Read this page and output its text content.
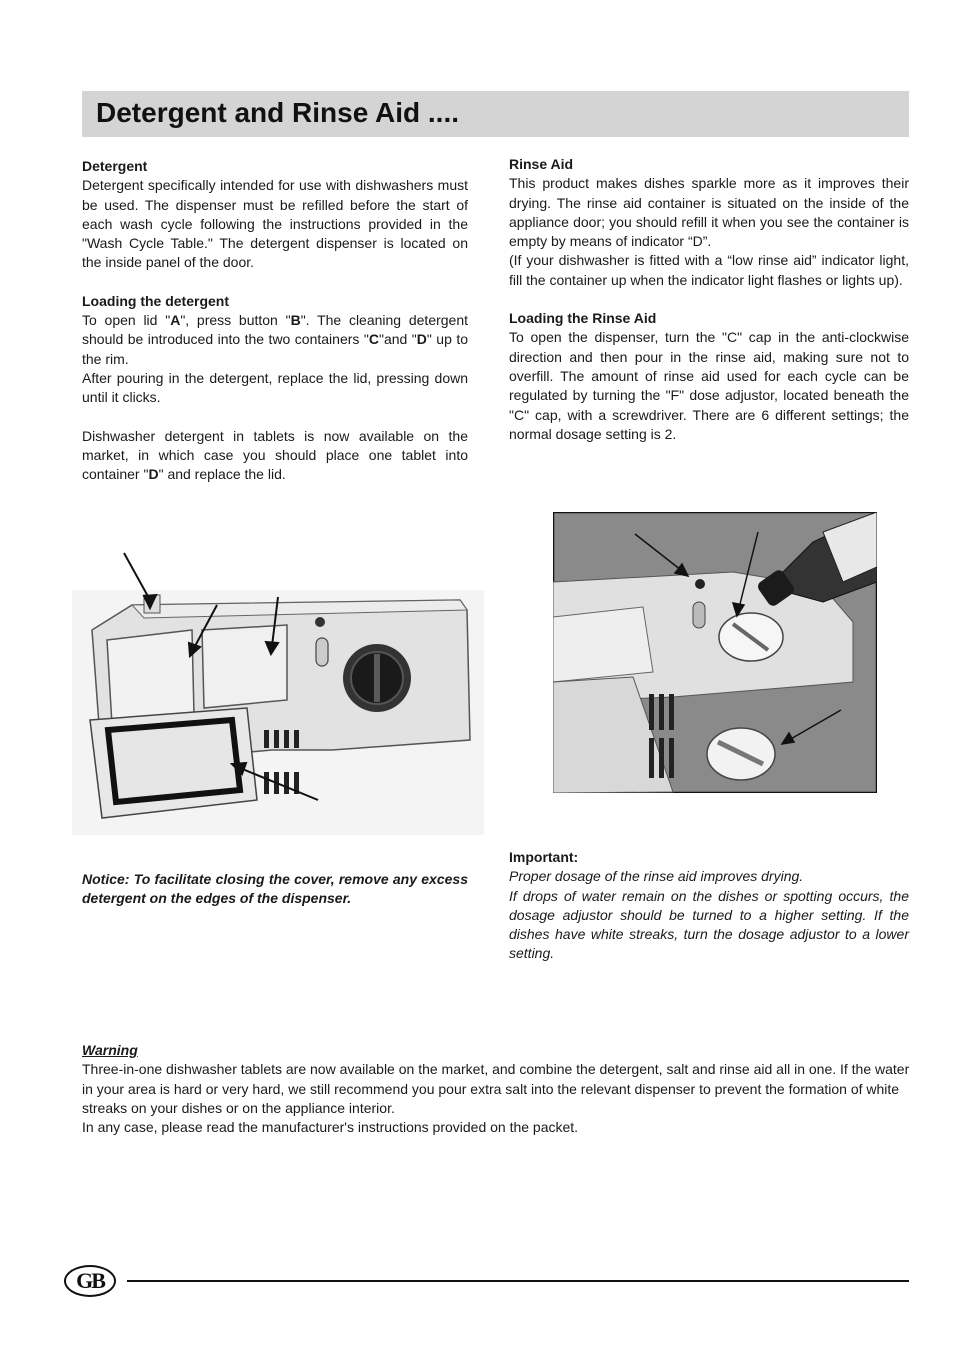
Detergent and Rinse Aid ....

Detergent

Detergent specifically intended for use with dishwashers must be used. The dispenser must be refilled before the start of each wash cycle following the instructions provided in the "Wash Cycle Table." The detergent dispenser is located on the inside panel of the door.

Loading the detergent

To open lid "A", press button "B". The cleaning detergent should be introduced into the two containers "C"and "D" up to the rim.

After pouring in the detergent, replace the lid, pressing down until it clicks.

Dishwasher detergent in tablets is now available on the market, in which case you should place one tablet into container "D" and replace the lid.

Rinse Aid

This product makes dishes sparkle more as it improves their drying. The rinse aid container is situated on the inside of the appliance door; you should refill it when you see the container is empty by means of indicator “D”.

(If your dishwasher is fitted with a “low rinse aid” indicator light, fill the container up when the indicator light flashes or lights up).

Loading the Rinse Aid

To open the dispenser, turn the "C" cap in the anti-clockwise direction and then pour in the rinse aid, making sure not to overfill. The amount of rinse aid used for each cycle can be regulated by turning the "F" dose adjustor, located beneath the "C" cap, with a screwdriver. There are 6 different settings; the normal dosage setting is 2.

Notice: To facilitate closing the cover, remove any excess detergent on the edges of the dispenser.

Important:

Proper dosage of the rinse aid improves drying.

If drops of water remain on the dishes or spotting occurs, the dosage adjustor should be turned to a higher setting. If the dishes have white streaks, turn the dosage adjustor to a lower setting.

Warning

Three-in-one dishwasher tablets are now available on the market, and combine the detergent, salt and rinse aid all in one. If the water in your area is hard or very hard, we still recommend you pour extra salt into the relevant dispenser to prevent the formation of white streaks on your dishes or on the appliance interior.

In any case, please read the manufacturer's instructions provided on the packet.

GB
